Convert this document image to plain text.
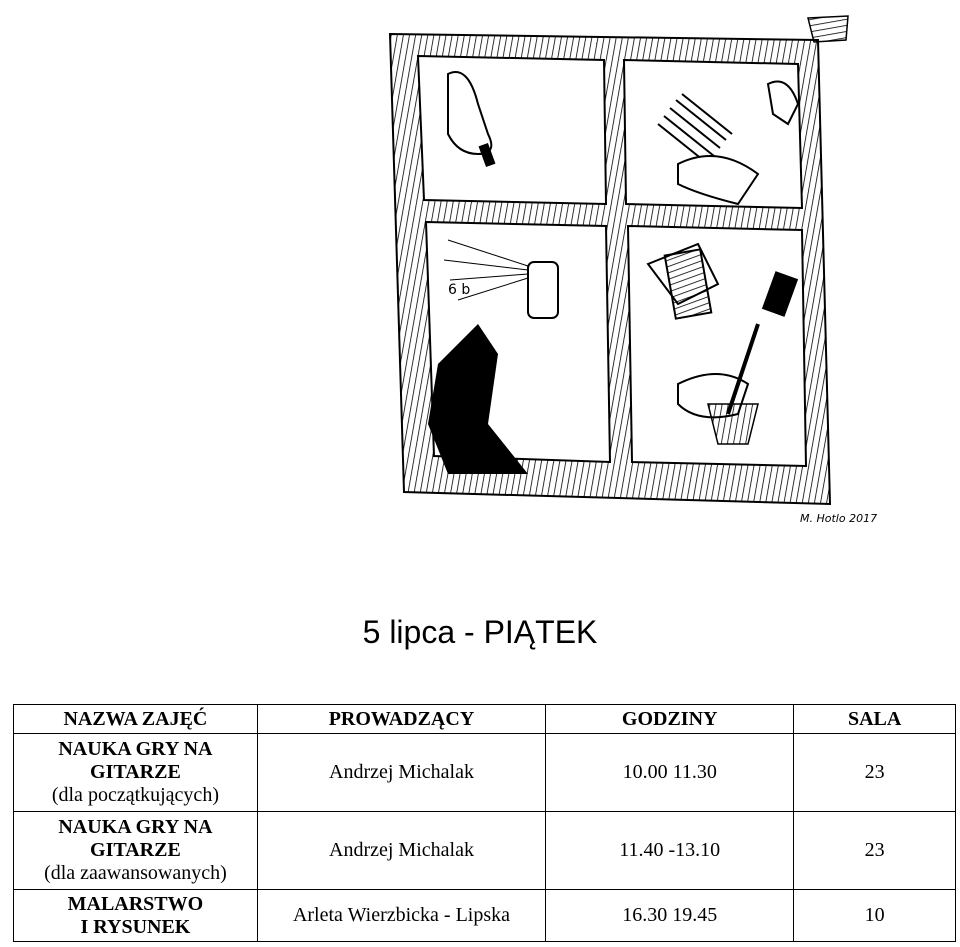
6 b
M. Hotlo 2017
5 lipca - PIĄTEK
NAZWA ZAJĘĆ	PROWADZĄCY	GODZINY	SALA

NAUKA GRY NA
GITARZE
(dla początkujących)	Andrzej Michalak	10.00 11.30	23

NAUKA GRY NA
GITARZE
(dla zaawansowanych)	Andrzej Michalak	11.40 -13.10	23

MALARSTWO
I RYSUNEK	Arleta Wierzbicka - Lipska	16.30 19.45	10
